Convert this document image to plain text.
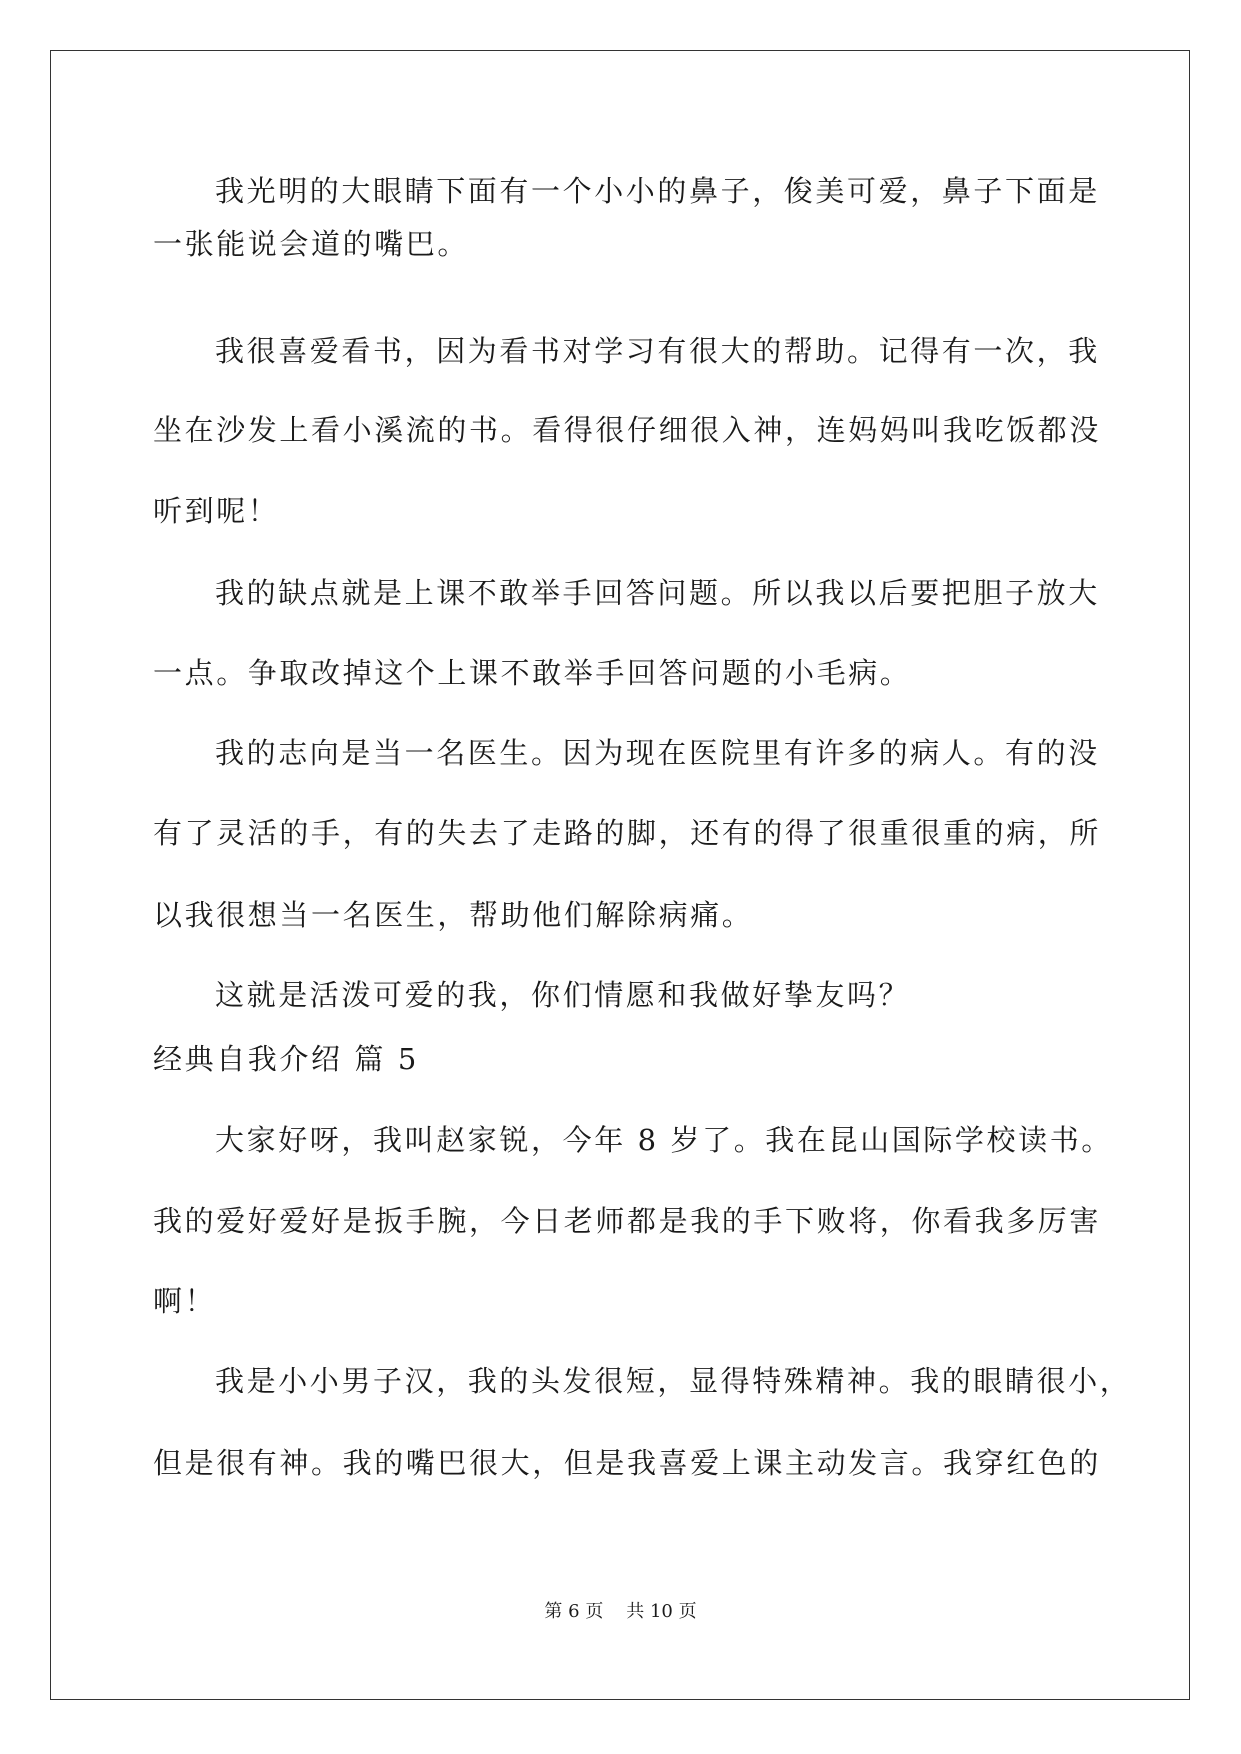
我光明的大眼睛下面有一个小小的鼻子，俊美可爱，鼻子下面是
一张能说会道的嘴巴。
我很喜爱看书，因为看书对学习有很大的帮助。记得有一次，我
坐在沙发上看小溪流的书。看得很仔细很入神，连妈妈叫我吃饭都没
听到呢！
我的缺点就是上课不敢举手回答问题。所以我以后要把胆子放大
一点。争取改掉这个上课不敢举手回答问题的小毛病。
我的志向是当一名医生。因为现在医院里有许多的病人。有的没
有了灵活的手，有的失去了走路的脚，还有的得了很重很重的病，所
以我很想当一名医生，帮助他们解除病痛。
这就是活泼可爱的我，你们情愿和我做好挚友吗？
经典自我介绍 篇 5
大家好呀，我叫赵家锐，今年 8 岁了。我在昆山国际学校读书。
我的爱好爱好是扳手腕，今日老师都是我的手下败将，你看我多厉害
啊！
我是小小男子汉，我的头发很短，显得特殊精神。我的眼睛很小，
但是很有神。我的嘴巴很大，但是我喜爱上课主动发言。我穿红色的
第 6 页 共 10 页
